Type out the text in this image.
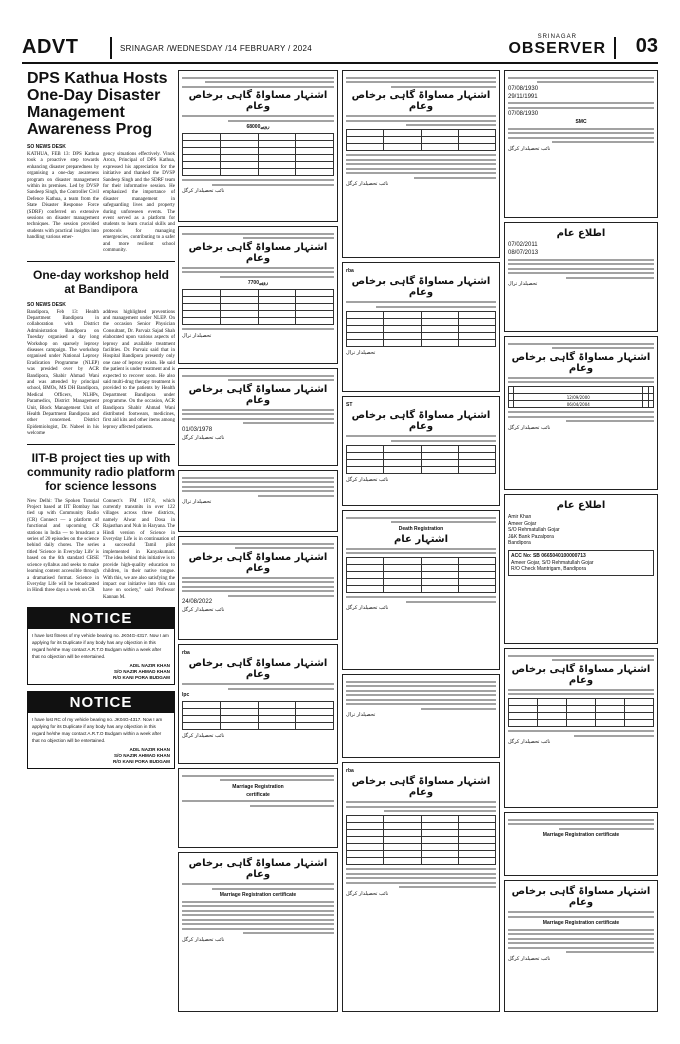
ADVT	SRINAGAR /WEDNESDAY /14 FEBRUARY / 2024
SRINAGAR
OBSERVER 03
DPS Kathua Hosts One-Day Disaster Management Awareness Prog
SO NEWS DESK
KATHUA, FEB 13: DPS Kathua took a proactive step towards enhancing disaster preparedness by organising a one-day awareness program on disaster management within its premises. Led by DVSP Sandeep Singh, the Controller Civil Defence Kathua, a team from the State Disaster Response Force (SDRF) conferred on extensive sessions on disaster management techniques. The session provided students with practical insights into handling various emer-
gency situations effectively. Vinok Arora, Principal of DPS Kathua, expressed his appreciation for the initiative and thanked the DVSP Sandeep Singh and the SDRF team for their informative session. He emphasized the importance of disaster management in safeguarding lives and property during unforeseen events. The event served as a platform for students to learn crucial skills and protocols for managing emergencies, contributing to a safer and more resilient school community.
One-day workshop held at Bandipora
SO NEWS DESK
Bandipora, Feb 13: Health Department Bandipora in collaboration with District Administration Bandipora on Tuesday organised a day long Workshop on sparsely leprosy diseases campaign. The workshop organised under National Leprosy Eradication Programme (NLEP) was presided over by ACR Bandipora, Shabir Ahmad Wani and was attended by principal school, BMOs, MS DH Bandipora, Medical Officers, NLHPs, Paramedics, District Management Unit, Block Management Unit of Health Department Bandipora and other concerned. District Epidemiologist, Dr. Nabeel in his welcome
address highlighted preventions and management under NLEP. On the occasion Senior Physician Consultant, Dr. Parvaiz Sajad Shah elaborated upon various aspects of leprosy and available treatment facilities. Dr. Parvaiz said that in Hospital Bandipora presently only one case of leprosy exists. He said the patient is under treatment and is expected to recover soon. He also said multi-drug therapy treatment is provided to the patients by Health Department Bandipora under programme. On the occasion, ACR Bandipora Shabir Ahmad Wani distributed footwears, medicines, first aid kits and other items among leprosy affected patients.
IIT-B project ties up with community radio platform for science lessons
New Delhi: The Spoken Tutorial Project based at IIT Bombay has tied up with Community Radio (CR) Connect — a platform of functional and upcoming CR stations in India — to broadcast a series of 20 episodes on the science behind daily chores. The series titled 'Science in Everyday Life' is based on the 6th standard CBSE science syllabus and seeks to make learning content accessible through a dramatised format. Science in Everyday Life will be broadcasted in Hindi three days a week on CR
Connect's FM 107.8, which currently transmits in over 122 villages across three districts, namely Alwar and Dosa in Rajasthan and Nuh in Haryana. The Hindi version of Science in Everyday Life is in continuation of a successful Tamil pilot implemented in Kanyakumari. "The idea behind this initiative is to provide high-quality education to children, in their native tongue. With this, we are also satisfying the impact our initiative into this can have on society," said Professor Kannan M.
NOTICE
I have lost fitness of my vehicle bearing no. JK04G-4317. Now I am applying for its Duplicate if any body has any objection in this regard he/she may contact A.R.T.O Budgam within a week after that no objection will be entertained.
ADIL NAZIR KHAN
S/O NAZIR AHMAD KHAN
R/O KANI PORA BUDGAM
NOTICE
I have lost RC of my vehicle bearing no. JK04G-4317. Now I am applying for its Duplicate if any body has any objection in this regard he/she may contact A.R.T.O Budgam within a week after that no objection will be entertained.
ADIL NAZIR KHAN
S/O NAZIR AHMAD KHAN
R/O KANI PORA BUDGAM
اشتہار مساواۃ گاہی برخاص وعام
68000روپے

نائب تحصیلدار کرگل
اشتہار مساواۃ گاہی برخاص وعام
7700روپے

تحصیلدار ترال
اشتہار مساواۃ گاہی برخاص وعام
01/03/1978
نائب تحصیلدار کرگل
تحصیلدار ترال
اشتہار مساواۃ گاہی برخاص وعام
24/08/2022
نائب تحصیلدار کرگل
rba
اشتہار مساواۃ گاہی برخاص وعام
lpc

نائب تحصیلدار کرگل
Marriage Registration
certificate
اشتہار مساواۃ گاہی برخاص وعام
Marriage Registration certificate
نائب تحصیلدار کرگل
اشتہار مساواۃ گاہی برخاص وعام

نائب تحصیلدار کرگل
rba
اشتہار مساواۃ گاہی برخاص وعام

تحصیلدار ترال
ST
اشتہار مساواۃ گاہی برخاص وعام

نائب تحصیلدار کرگل
Death Registration
اشتہار عام

نائب تحصیلدار کرگل
تحصیلدار ترال
rba
اشتہار مساواۃ گاہی برخاص وعام

نائب تحصیلدار کرگل
07/08/1930
29/11/1991
07/08/1930
SMC
نائب تحصیلدار کرگل
اطلاع عام
07/02/2011
08/07/2013
تحصیلدار ترال
اشتہار مساواۃ گاہی برخاص وعام

	12/09/2000		
	06/04/2004		
نائب تحصیلدار کرگل
اطلاع عام
Amir Khan
Ameer Gojar
S/O Rehmatullah Gojar
J&K Bank Pazalpora
Bandipora
ACC No: SB 0665040100000713
Ameer Gojar, S/O Rehmatullah Gojar
R/O Check Mantrigam, Bandipora
اشتہار مساواۃ گاہی برخاص وعام

نائب تحصیلدار کرگل
Marriage Registration certificate
اشتہار مساواۃ گاہی برخاص وعام
Marriage Registration certificate
نائب تحصیلدار کرگل
